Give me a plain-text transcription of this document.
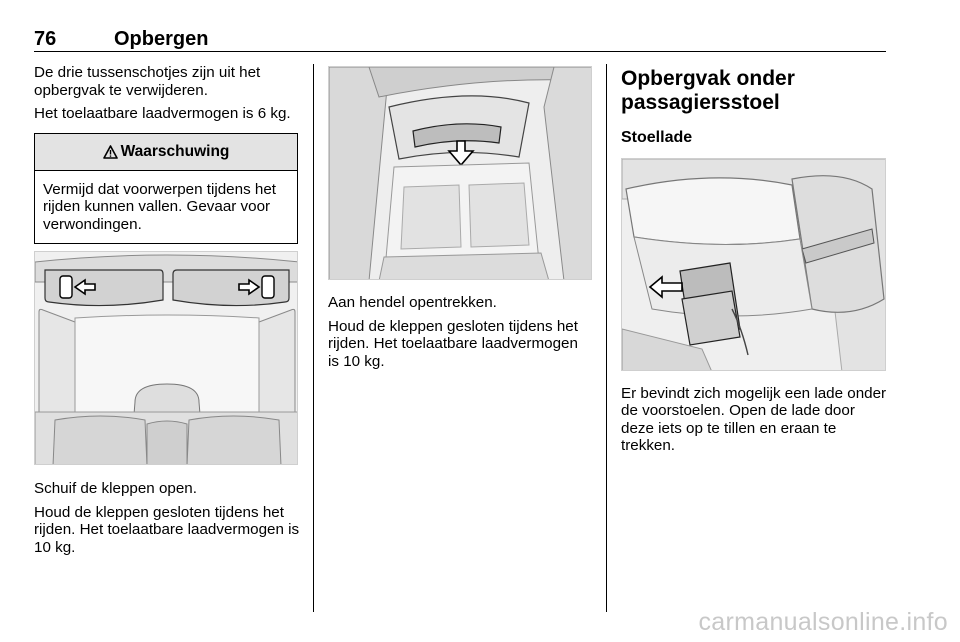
76	Opbergen

De drie tussenschotjes zijn uit het opbergvak te verwijderen.

Het toelaatbare laadvermogen is 6 kg.

Waarschuwing
Vermijd dat voorwerpen tijdens het rijden kunnen vallen. Gevaar voor verwondingen.

Schuif de kleppen open.

Houd de kleppen gesloten tijdens het rijden. Het toelaatbare laadvermogen is 10 kg.

Aan hendel opentrekken.

Houd de kleppen gesloten tijdens het rijden. Het toelaatbare laadvermogen is 10 kg.

Opbergvak onder passagiersstoel
Stoellade

Er bevindt zich mogelijk een lade onder de voorstoelen. Open de lade door deze iets op te tillen en eraan te trekken.

carmanualsonline.info
